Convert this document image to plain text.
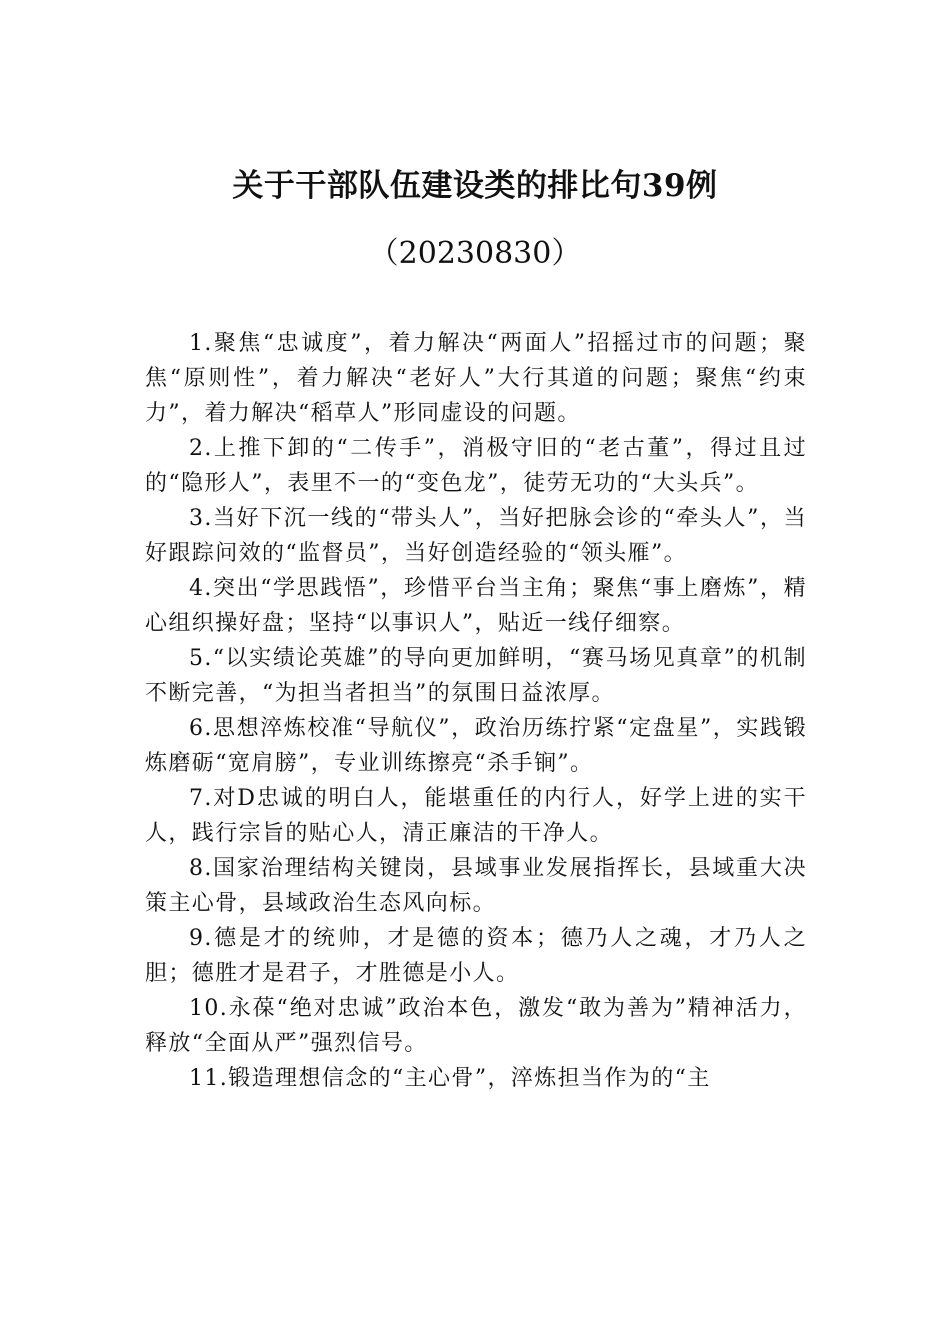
关于干部队伍建设类的排比句39例
（20230830）

1.聚焦“忠诚度”，着力解决“两面人”招摇过市的问题；聚焦“原则性”，着力解决“老好人”大行其道的问题；聚焦“约束力”，着力解决“稻草人”形同虚设的问题。

2.上推下卸的“二传手”，消极守旧的“老古董”，得过且过的“隐形人”，表里不一的“变色龙”，徒劳无功的“大头兵”。

3.当好下沉一线的“带头人”，当好把脉会诊的“牵头人”，当好跟踪问效的“监督员”，当好创造经验的“领头雁”。

4.突出“学思践悟”，珍惜平台当主角；聚焦“事上磨炼”，精心组织操好盘；坚持“以事识人”，贴近一线仔细察。

5.“以实绩论英雄”的导向更加鲜明，“赛马场见真章”的机制不断完善，“为担当者担当”的氛围日益浓厚。

6.思想淬炼校准“导航仪”，政治历练拧紧“定盘星”，实践锻炼磨砺“宽肩膀”，专业训练擦亮“杀手锏”。

7.对D忠诚的明白人，能堪重任的内行人，好学上进的实干人，践行宗旨的贴心人，清正廉洁的干净人。

8.国家治理结构关键岗，县域事业发展指挥长，县域重大决策主心骨，县域政治生态风向标。

9.德是才的统帅，才是德的资本；德乃人之魂，才乃人之胆；德胜才是君子，才胜德是小人。

10.永葆“绝对忠诚”政治本色，激发“敢为善为”精神活力，释放“全面从严”强烈信号。

11.锻造理想信念的“主心骨”，淬炼担当作为的“主
